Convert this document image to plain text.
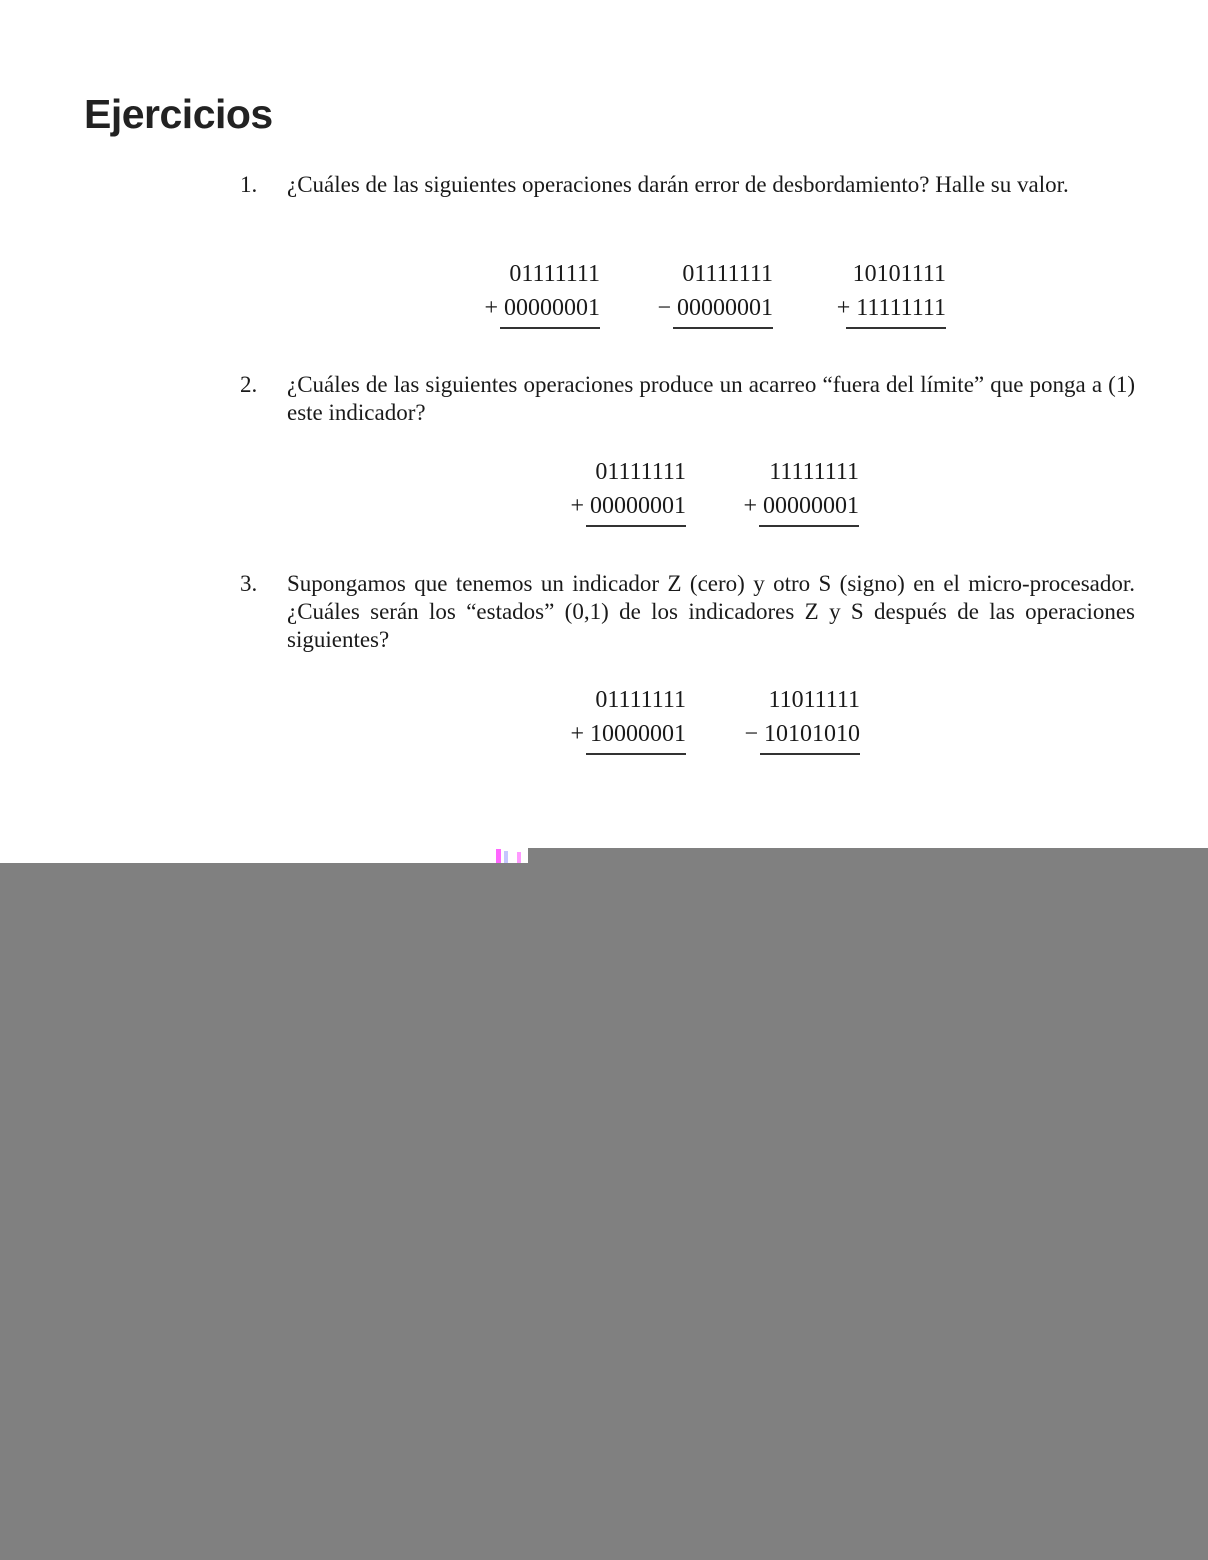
Ejercicios
1.	¿Cuáles de las siguientes operaciones darán error de desbordamiento? Halle su valor.

01111111
+ 00000001
01111111
− 00000001
10101111
+ 11111111
2.	¿Cuáles de las siguientes operaciones produce un acarreo “fuera del límite” que ponga a (1) este indicador?

01111111
+ 00000001
11111111
+ 00000001
3.	Supongamos que tenemos un indicador Z (cero) y otro S (signo) en el micro-procesador. ¿Cuáles serán los “estados” (0,1) de los indicadores Z y S después de las operaciones siguientes?

01111111
+ 10000001
11011111
− 10101010
